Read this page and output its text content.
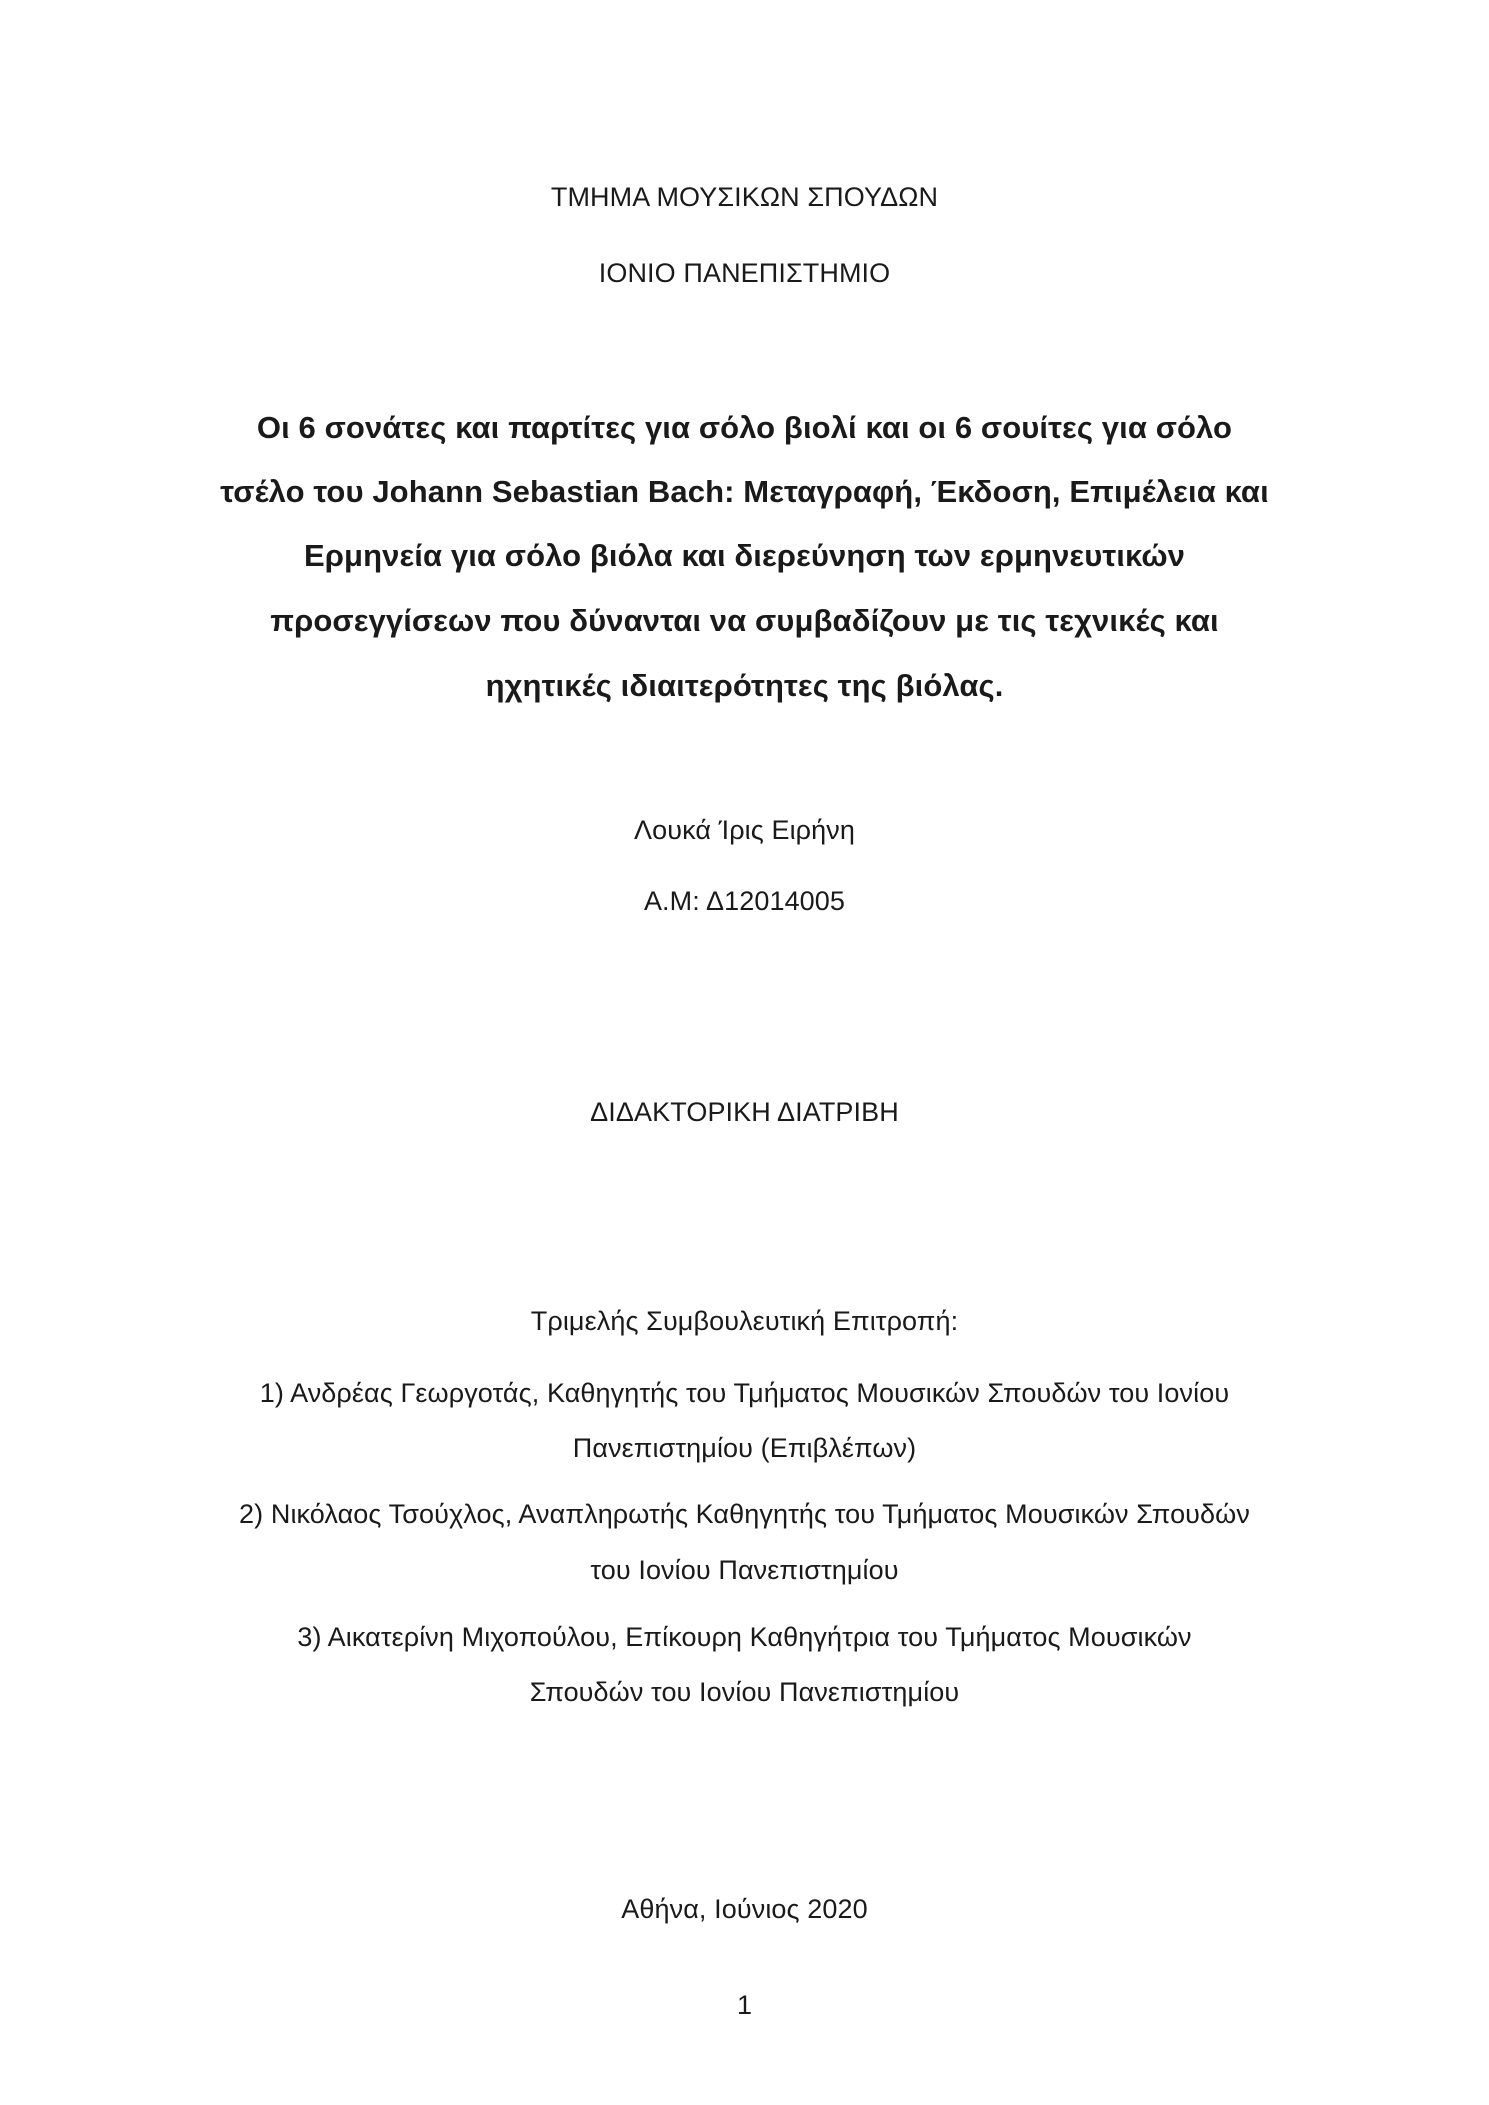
ΤΜΗΜΑ ΜΟΥΣΙΚΩΝ ΣΠΟΥΔΩΝ
ΙΟΝΙΟ ΠΑΝΕΠΙΣΤΗΜΙΟ
Οι 6 σονάτες και παρτίτες για σόλο βιολί και οι 6 σουίτες για σόλο
τσέλο του Johann Sebastian Bach: Μεταγραφή, Έκδοση, Επιμέλεια και
Ερμηνεία για σόλο βιόλα και διερεύνηση των ερμηνευτικών
προσεγγίσεων που δύνανται να συμβαδίζουν με τις τεχνικές και
ηχητικές ιδιαιτερότητες της βιόλας.
Λουκά Ίρις Ειρήνη
Α.Μ: Δ12014005
ΔΙΔΑΚΤΟΡΙΚΗ ΔΙΑΤΡΙΒΗ
Τριμελής Συμβουλευτική Επιτροπή:
1) Ανδρέας Γεωργοτάς, Καθηγητής του Τμήματος Μουσικών Σπουδών του Ιονίου
Πανεπιστημίου (Επιβλέπων)
2) Νικόλαος Τσούχλος, Αναπληρωτής Καθηγητής του Τμήματος Μουσικών Σπουδών
του Ιονίου Πανεπιστημίου
3) Αικατερίνη Μιχοπούλου, Επίκουρη Καθηγήτρια του Τμήματος Μουσικών
Σπουδών του Ιονίου Πανεπιστημίου
Αθήνα, Ιούνιος 2020
1
